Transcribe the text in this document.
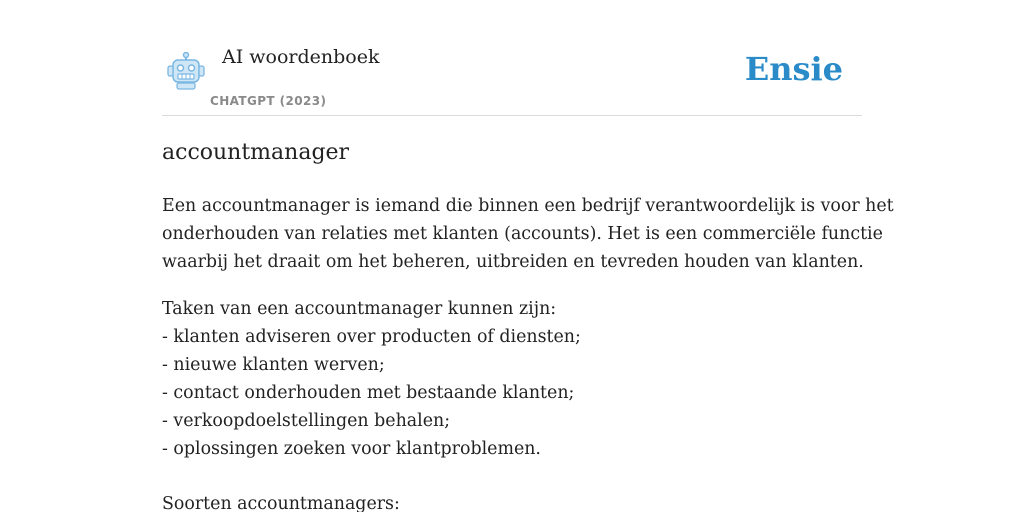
AI woordenboek
CHATGPT (2023)
Ensie
accountmanager

Een accountmanager is iemand die binnen een bedrijf verantwoordelijk is voor het
onderhouden van relaties met klanten (accounts). Het is een commerciële functie
waarbij het draait om het beheren, uitbreiden en tevreden houden van klanten.

Taken van een accountmanager kunnen zijn:
- klanten adviseren over producten of diensten;
- nieuwe klanten werven;
- contact onderhouden met bestaande klanten;
- verkoopdoelstellingen behalen;
- oplossingen zoeken voor klantproblemen.

Soorten accountmanagers:
